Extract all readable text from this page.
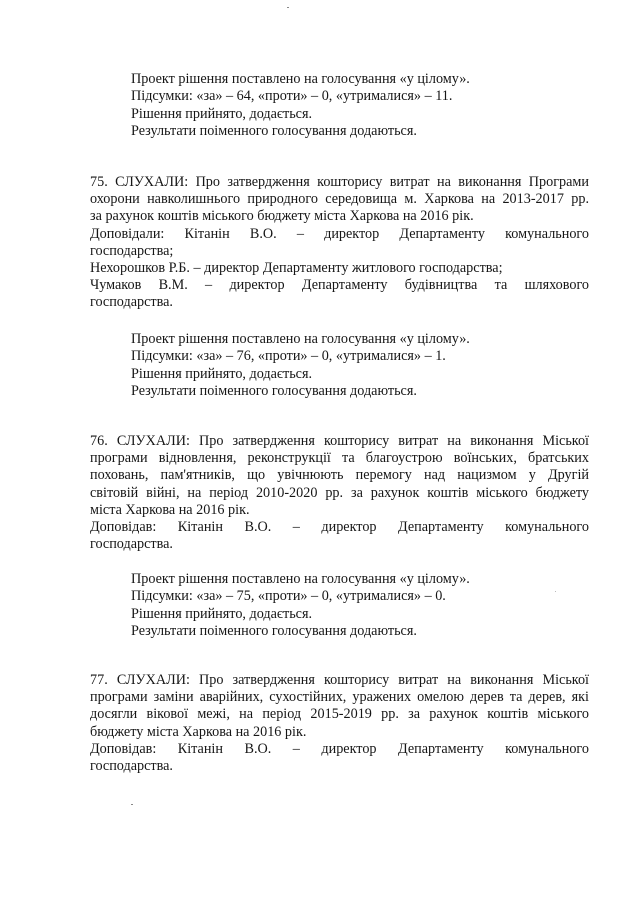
Проект рішення поставлено на голосування «у цілому».
Підсумки: «за» – 64, «проти» – 0, «утрималися» – 11.
Рішення прийнято, додається.
Результати поіменного голосування додаються.
75. СЛУХАЛИ: Про затвердження кошторису витрат на виконання Програми
охорони навколишнього природного середовища м. Харкова на 2013-2017 рр.
за рахунок коштів міського бюджету міста Харкова на 2016 рік.
Доповідали: Кітанін В.О. – директор Департаменту комунального
господарства;
Нехорошков Р.Б. – директор Департаменту житлового господарства;
Чумаков В.М. – директор Департаменту будівництва та шляхового
господарства.
Проект рішення поставлено на голосування «у цілому».
Підсумки: «за» – 76, «проти» – 0, «утрималися» – 1.
Рішення прийнято, додається.
Результати поіменного голосування додаються.
76. СЛУХАЛИ: Про затвердження кошторису витрат на виконання Міської
програми відновлення, реконструкції та благоустрою воїнських, братських
поховань, пам'ятників, що увічнюють перемогу над нацизмом у Другій
світовій війні, на період 2010-2020 рр. за рахунок коштів міського бюджету
міста Харкова на 2016 рік.
Доповідав: Кітанін В.О. – директор Департаменту комунального
господарства.
Проект рішення поставлено на голосування «у цілому».
Підсумки: «за» – 75, «проти» – 0, «утрималися» – 0.
Рішення прийнято, додається.
Результати поіменного голосування додаються.
77. СЛУХАЛИ: Про затвердження кошторису витрат на виконання Міської
програми заміни аварійних, сухостійних, уражених омелою дерев та дерев, які
досягли вікової межі, на період 2015-2019 рр. за рахунок коштів міського
бюджету міста Харкова на 2016 рік.
Доповідав: Кітанін В.О. – директор Департаменту комунального
господарства.
